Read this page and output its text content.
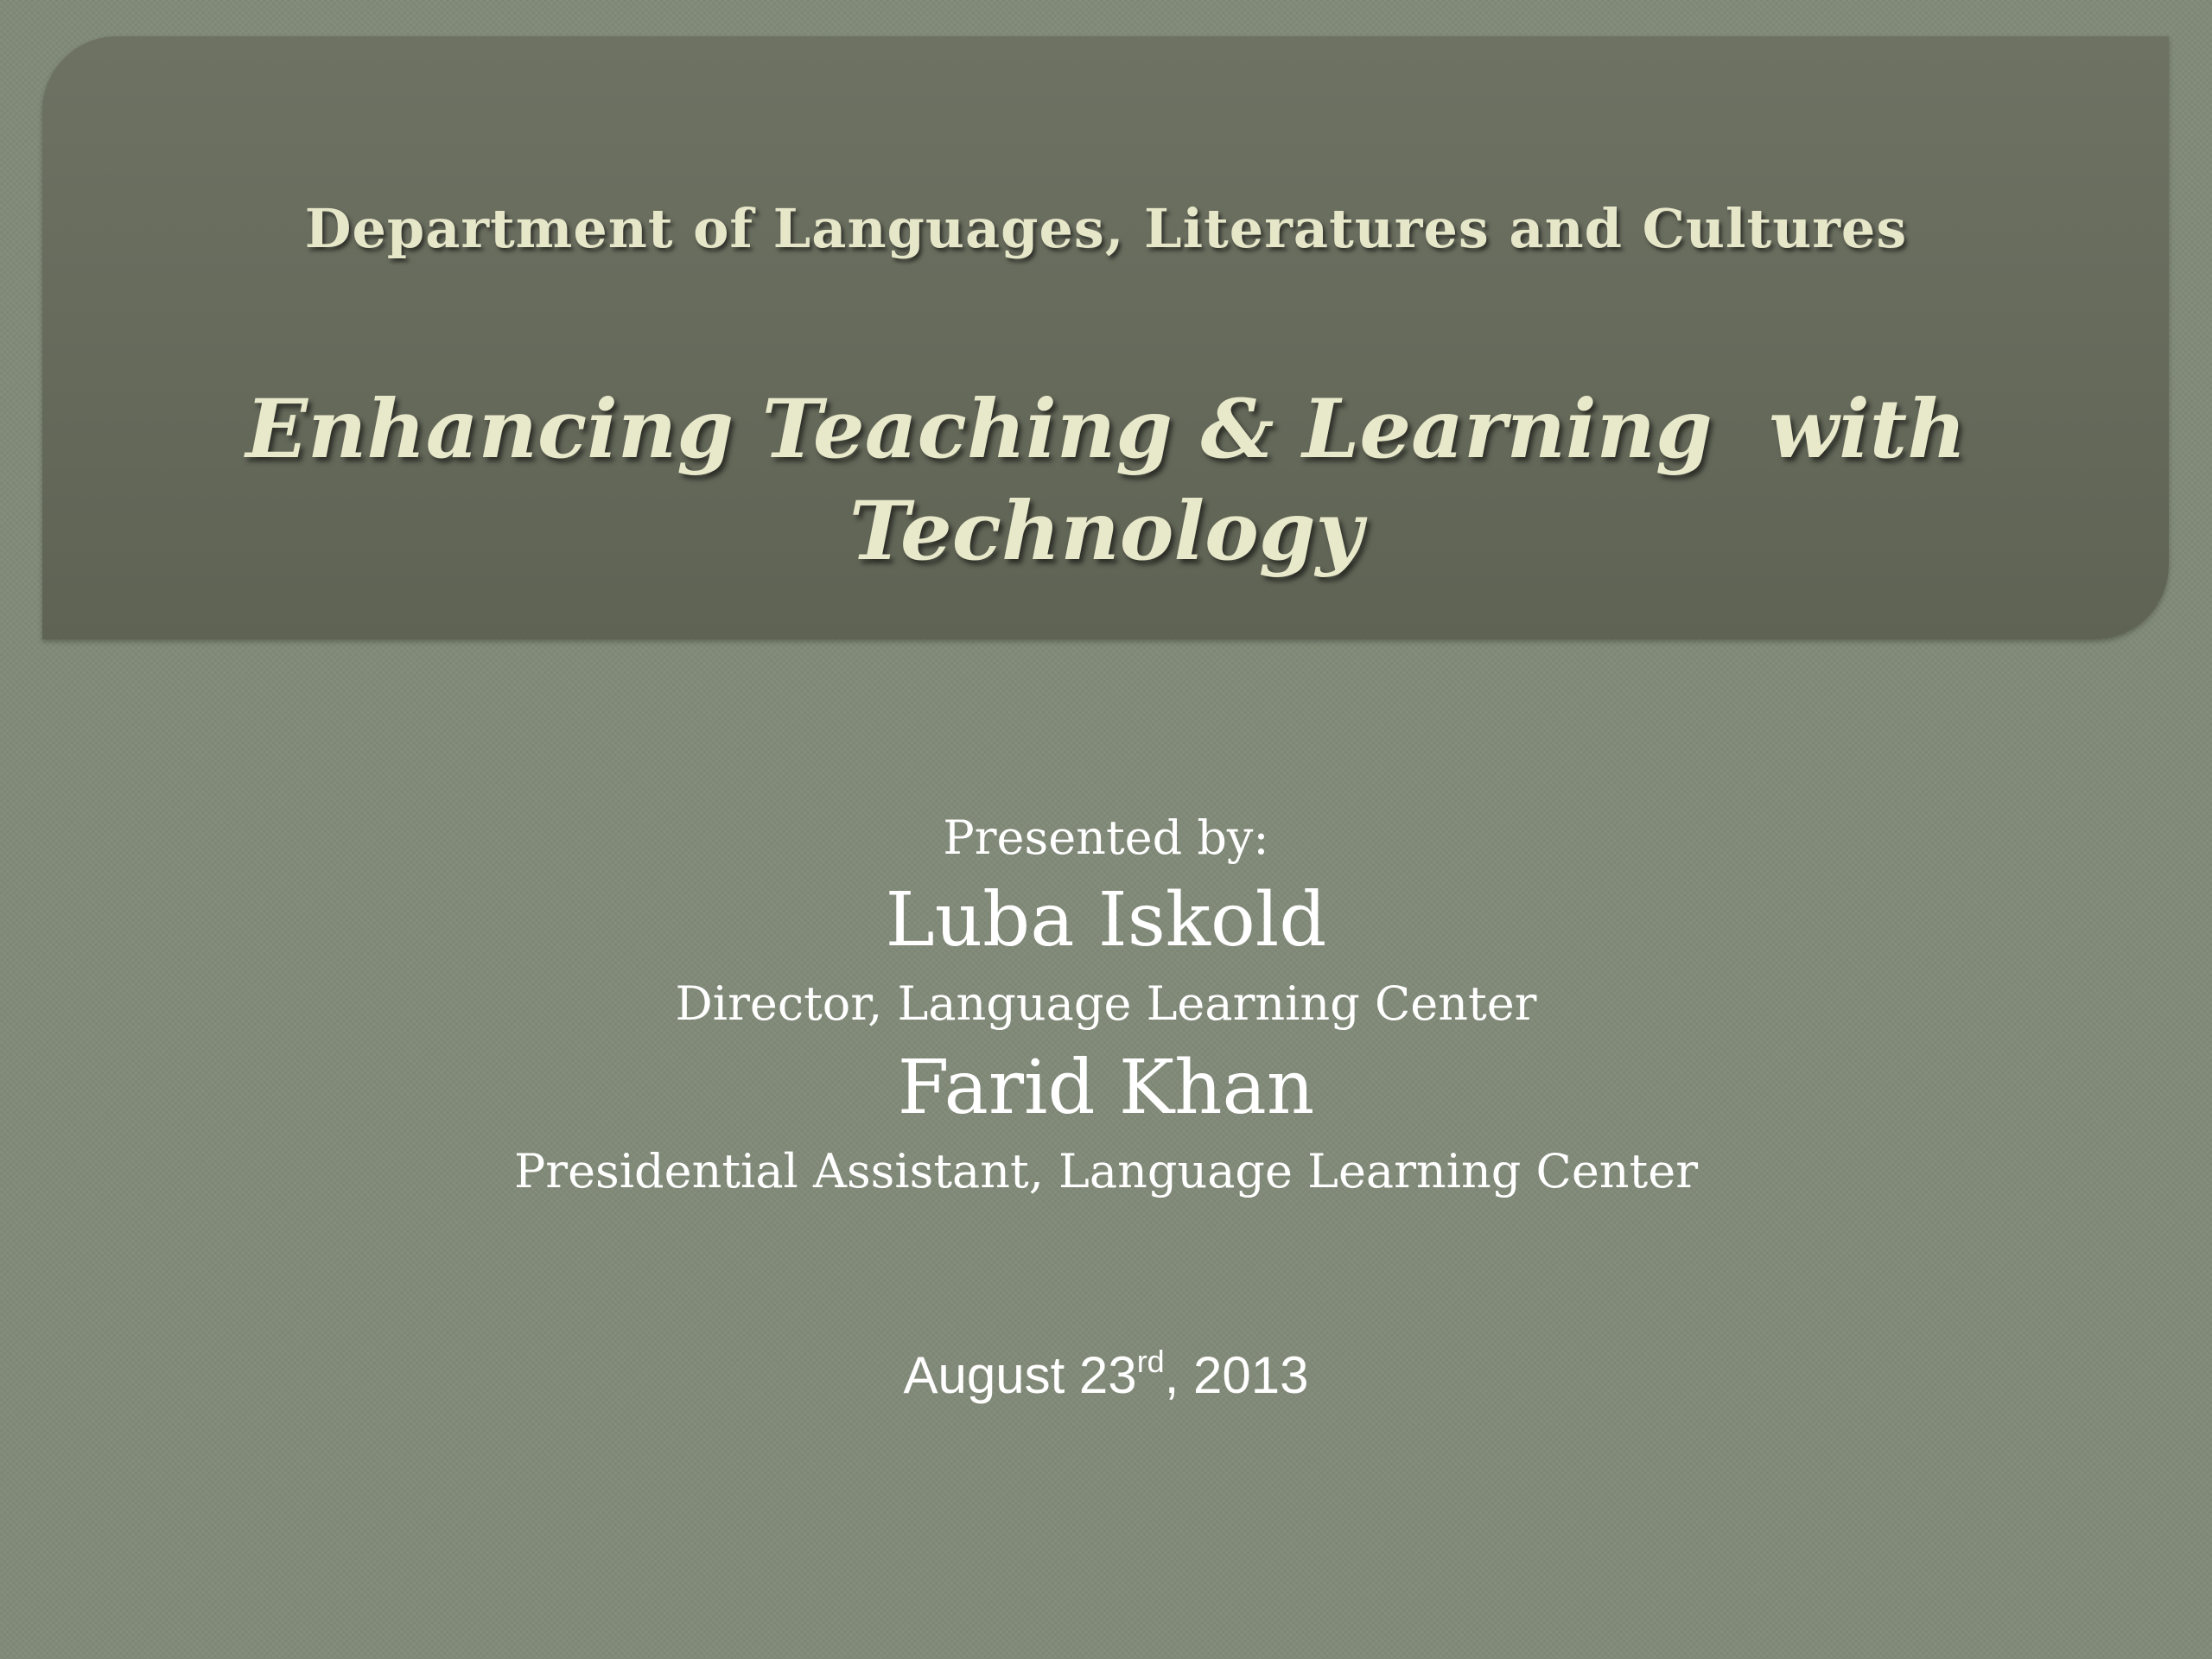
Department of Languages, Literatures and Cultures
Enhancing Teaching & Learning  with
Technology
Presented by:
Luba Iskold
Director, Language Learning Center
Farid Khan
Presidential Assistant, Language Learning Center
August 23rd, 2013
